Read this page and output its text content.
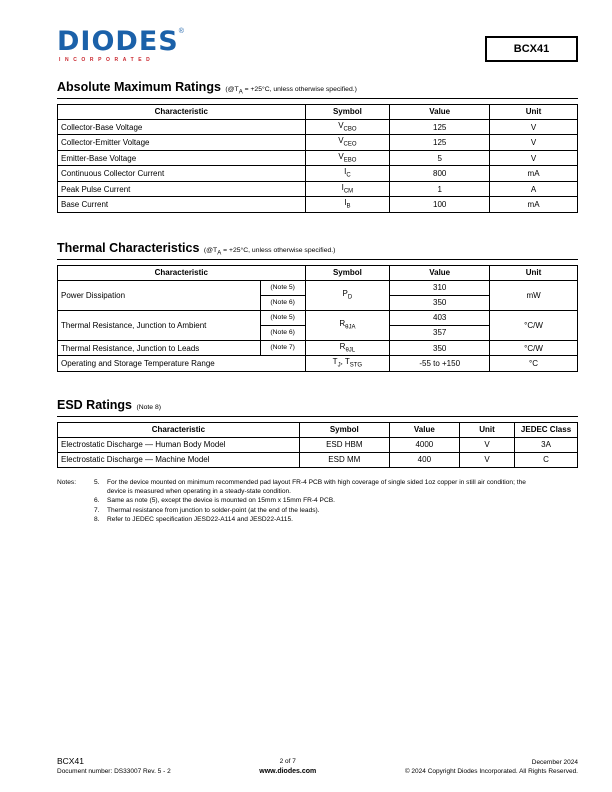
DIODES®
INCORPORATED
BCX41
Absolute Maximum Ratings ($@T_A = +25^\circ C$, unless otherwise specified.)
Characteristic	Symbol	Value	Unit
Collector-Base Voltage	$V_{CBO}$	125	V
Collector-Emitter Voltage	$V_{CEO}$	125	V
Emitter-Base Voltage	$V_{EBO}$	5	V
Continuous Collector Current	$I_C$	800	mA
Peak Pulse Current	$I_{CM}$	1	A
Base Current	$I_B$	100	mA
Thermal Characteristics ($@T_A = +25^\circ C$, unless otherwise specified.)
Characteristic		Symbol	Value	Unit
Power Dissipation	(Note 5)	$P_D$	310	mW
	(Note 6)		350	
Thermal Resistance, Junction to Ambient	(Note 5)	$R_{\theta JA}$	403	°C/W
	(Note 6)		357	
Thermal Resistance, Junction to Leads	(Note 7)	$R_{\theta JL}$	350	°C/W
Operating and Storage Temperature Range		$T_J$, $T_{STG}$	-55 to +150	°C
ESD Ratings (Note 8)
Characteristic	Symbol	Value	Unit	JEDEC Class
Electrostatic Discharge — Human Body Model	ESD HBM	4000	V	3A
Electrostatic Discharge — Machine Model	ESD MM	400	V	C
Notes:	5.	For the device mounted on minimum recommended pad layout FR-4 PCB with high coverage of single sided 1oz copper in still air condition; the device is measured when operating in a steady-state condition.
6.	Same as note (5), except the device is mounted on 15mm x 15mm FR-4 PCB.
7.	Thermal resistance from junction to solder-point (at the end of the leads).
8.	Refer to JEDEC specification JESD22-A114 and JESD22-A115.
BCX41
Document number: DS33007 Rev. 5 - 2
2 of 7
www.diodes.com
December 2024
© 2024 Copyright Diodes Incorporated. All Rights Reserved.
